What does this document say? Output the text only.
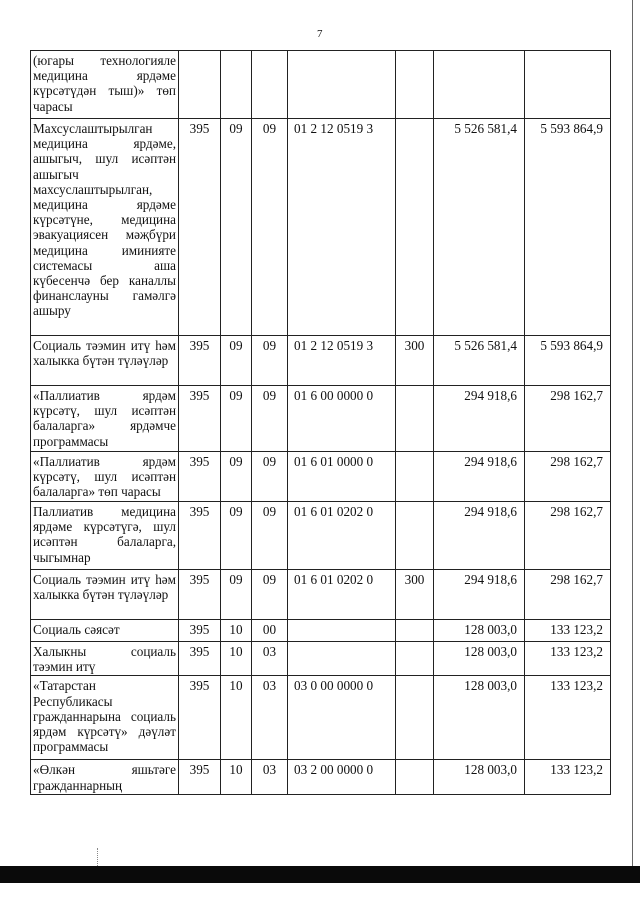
7
(югары технологияле медицина ярдәме күрсәтүдән тыш)» төп чарасы							
Махсуслаштырылган медицина ярдәме, ашыгыч, шул исәптән ашыгыч махсуслаштырылган, медицина ярдәме күрсәтүне, медицина эвакуациясен мәҗбүри медицина иминияте системасы аша күбесенчә бер каналлы финанслауны гамәлгә ашыру	395	09	09	01 2 12 0519 3		5 526 581,4	5 593 864,9
Социаль тәэмин итү һәм халыкка бүтән түләүләр	395	09	09	01 2 12 0519 3	300	5 526 581,4	5 593 864,9
«Паллиатив ярдәм күрсәтү, шул исәптән балаларга» ярдәмче программасы	395	09	09	01 6 00 0000 0		294 918,6	298 162,7
«Паллиатив ярдәм күрсәтү, шул исәптән балаларга» төп чарасы	395	09	09	01 6 01 0000 0		294 918,6	298 162,7
Паллиатив медицина ярдәме күрсәтүгә, шул исәптән балаларга, чыгымнар	395	09	09	01 6 01 0202 0		294 918,6	298 162,7
Социаль тәэмин итү һәм халыкка бүтән түләүләр	395	09	09	01 6 01 0202 0	300	294 918,6	298 162,7
Социаль сәясәт	395	10	00			128 003,0	133 123,2
Халыкны социаль тәэмин итү	395	10	03			128 003,0	133 123,2
«Татарстан Республикасы гражданнарына социаль ярдәм күрсәтү» дәүләт программасы	395	10	03	03 0 00 0000 0		128 003,0	133 123,2
«Өлкән яшьтәге гражданнарның	395	10	03	03 2 00 0000 0		128 003,0	133 123,2
